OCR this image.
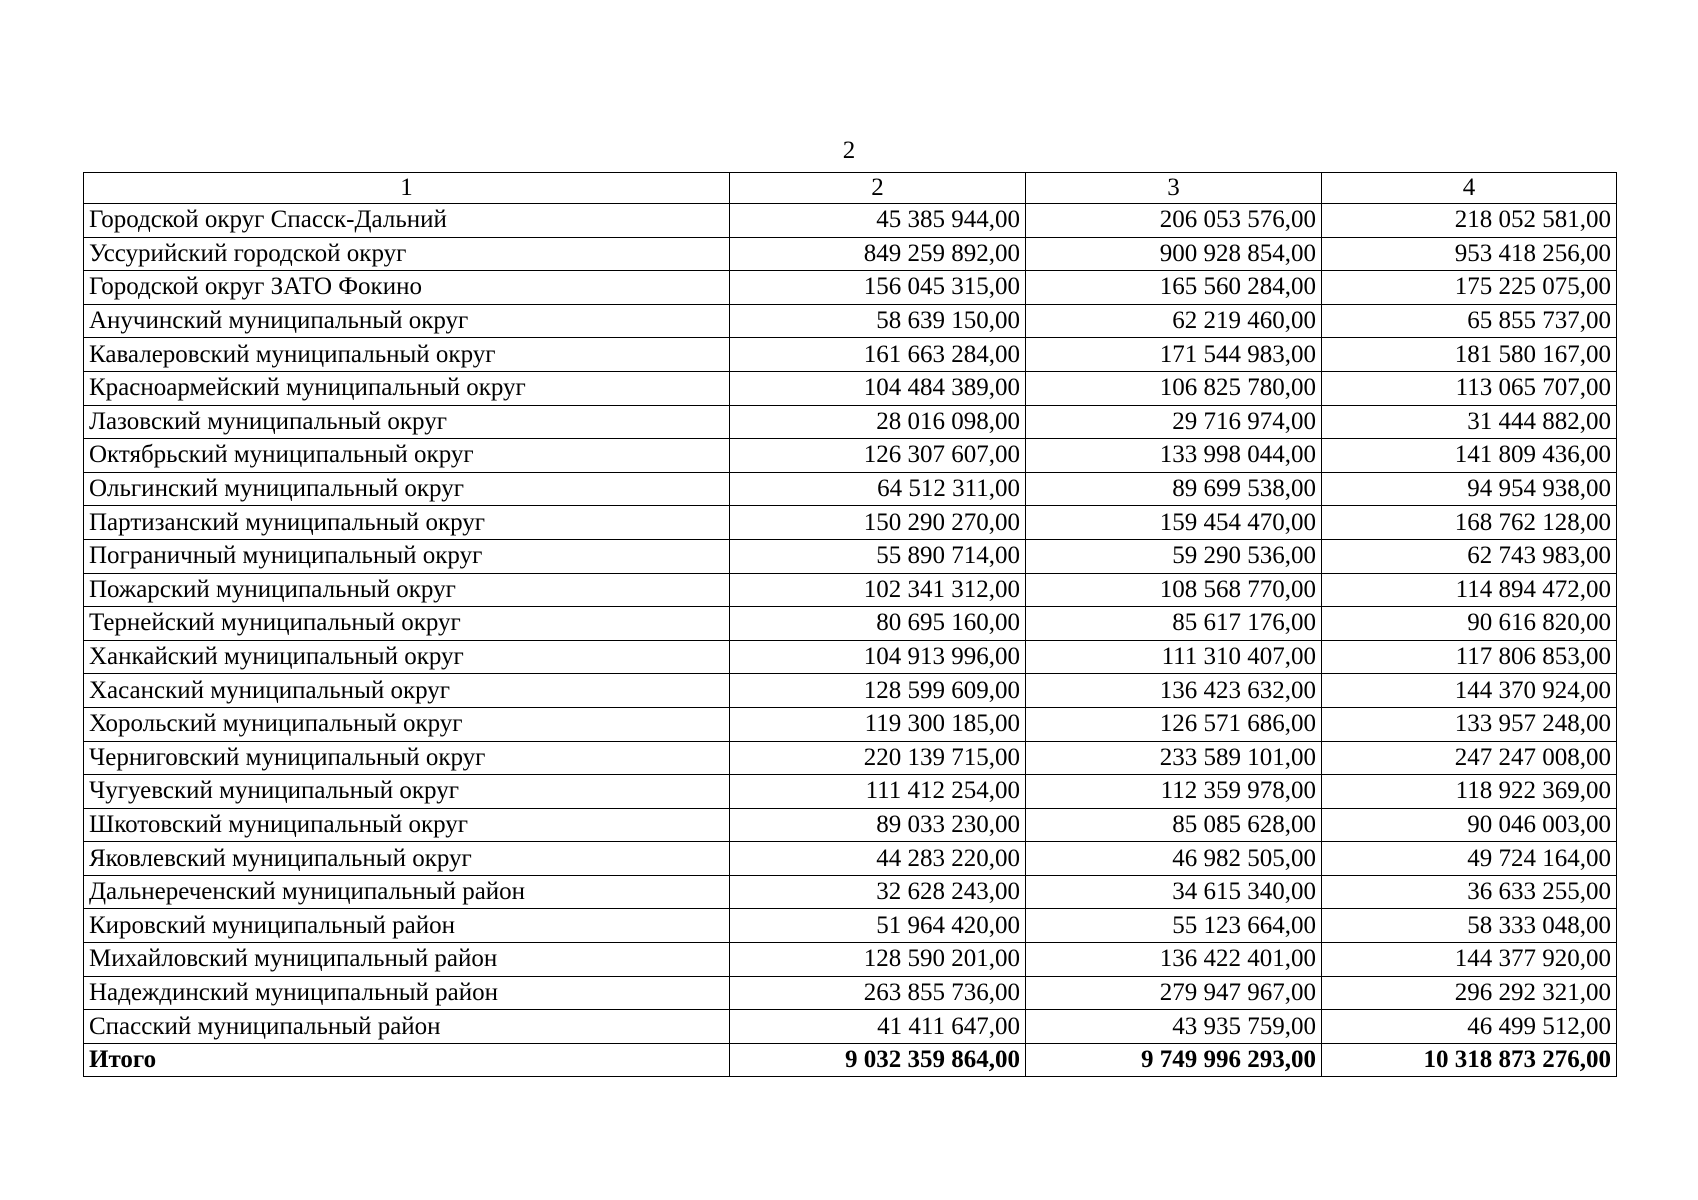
2
1	2	3	4
Городской округ Спасск-Дальний	45 385 944,00	206 053 576,00	218 052 581,00
Уссурийский городской округ	849 259 892,00	900 928 854,00	953 418 256,00
Городской округ ЗАТО Фокино	156 045 315,00	165 560 284,00	175 225 075,00
Анучинский муниципальный округ	58 639 150,00	62 219 460,00	65 855 737,00
Кавалеровский муниципальный округ	161 663 284,00	171 544 983,00	181 580 167,00
Красноармейский муниципальный округ	104 484 389,00	106 825 780,00	113 065 707,00
Лазовский муниципальный округ	28 016 098,00	29 716 974,00	31 444 882,00
Октябрьский муниципальный округ	126 307 607,00	133 998 044,00	141 809 436,00
Ольгинский муниципальный округ	64 512 311,00	89 699 538,00	94 954 938,00
Партизанский муниципальный округ	150 290 270,00	159 454 470,00	168 762 128,00
Пограничный муниципальный округ	55 890 714,00	59 290 536,00	62 743 983,00
Пожарский муниципальный округ	102 341 312,00	108 568 770,00	114 894 472,00
Тернейский муниципальный округ	80 695 160,00	85 617 176,00	90 616 820,00
Ханкайский муниципальный округ	104 913 996,00	111 310 407,00	117 806 853,00
Хасанский муниципальный округ	128 599 609,00	136 423 632,00	144 370 924,00
Хорольский муниципальный округ	119 300 185,00	126 571 686,00	133 957 248,00
Черниговский муниципальный округ	220 139 715,00	233 589 101,00	247 247 008,00
Чугуевский муниципальный округ	111 412 254,00	112 359 978,00	118 922 369,00
Шкотовский муниципальный округ	89 033 230,00	85 085 628,00	90 046 003,00
Яковлевский муниципальный округ	44 283 220,00	46 982 505,00	49 724 164,00
Дальнереченский муниципальный район	32 628 243,00	34 615 340,00	36 633 255,00
Кировский муниципальный район	51 964 420,00	55 123 664,00	58 333 048,00
Михайловский муниципальный район	128 590 201,00	136 422 401,00	144 377 920,00
Надеждинский муниципальный район	263 855 736,00	279 947 967,00	296 292 321,00
Спасский муниципальный район	41 411 647,00	43 935 759,00	46 499 512,00
Итого	9 032 359 864,00	9 749 996 293,00	10 318 873 276,00
